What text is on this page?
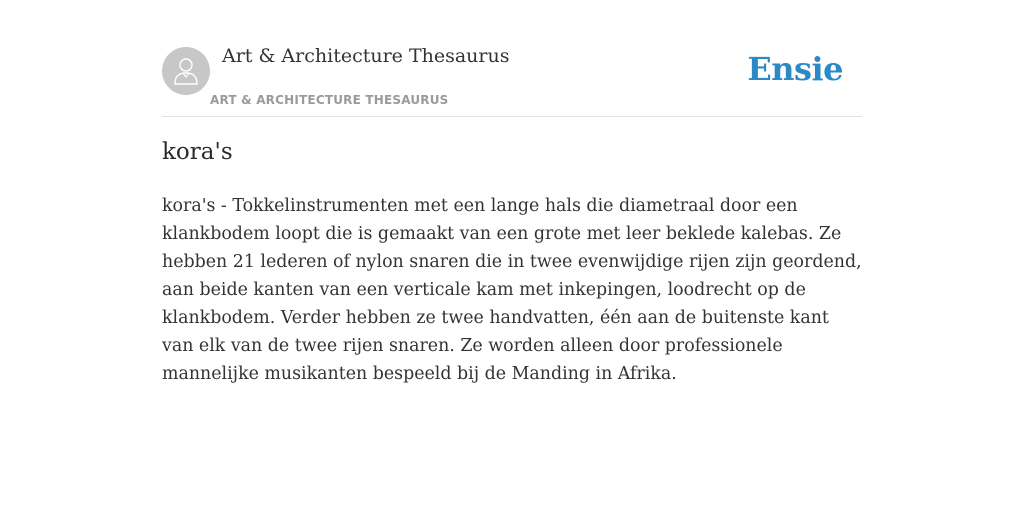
Art & Architecture Thesaurus
ART & ARCHITECTURE THESAURUS
Ensie
kora's

kora's - Tokkelinstrumenten met een lange hals die diametraal door een klankbodem loopt die is gemaakt van een grote met leer beklede kalebas. Ze hebben 21 lederen of nylon snaren die in twee evenwijdige rijen zijn geordend, aan beide kanten van een verticale kam met inkepingen, loodrecht op de klankbodem. Verder hebben ze twee handvatten, één aan de buitenste kant van elk van de twee rijen snaren. Ze worden alleen door professionele mannelijke musikanten bespeeld bij de Manding in Afrika.
